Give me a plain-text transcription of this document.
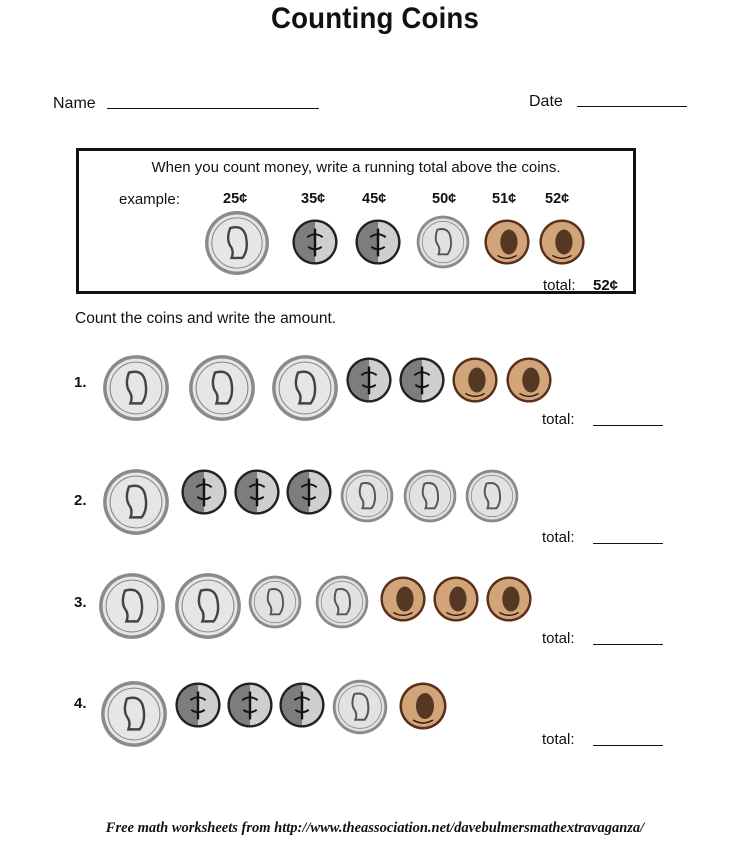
Counting Coins
Name	Date
When you count money, write a running total above the coins.
example:	25¢	35¢	45¢	50¢ 51¢ 52¢
total: 52¢
Count the coins and write the amount.
1.
total:
2.
total:
3.
total:
4.
total:
Free math worksheets from http://www.theassociation.net/davebulmersmathextravaganza/
